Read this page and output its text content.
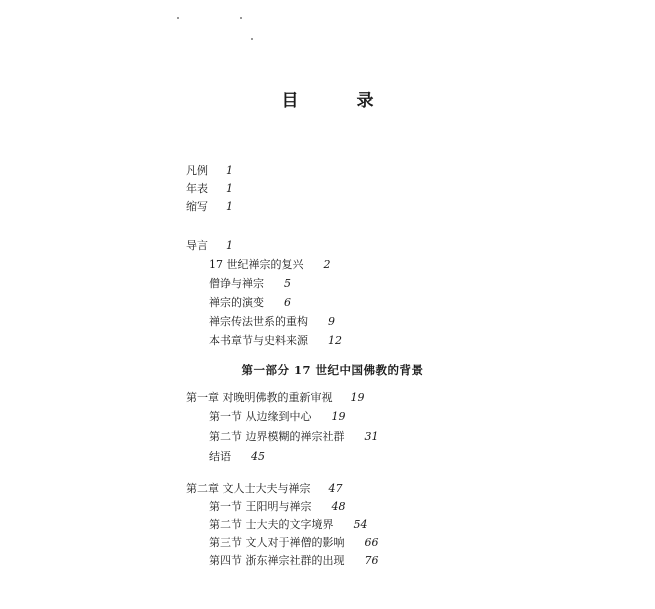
目 录
凡例 1
年表 1
缩写 1
导言 1
17 世纪禅宗的复兴 2
僧诤与禅宗 5
禅宗的演变 6
禅宗传法世系的重构 9
本书章节与史料来源 12
第一部分 17 世纪中国佛教的背景
第一章 对晚明佛教的重新审视 19
第一节 从边缘到中心 19
第二节 边界模糊的禅宗社群 31
结语 45
第二章 文人士大夫与禅宗 47
第一节 王阳明与禅宗 48
第二节 士大夫的文字境界 54
第三节 文人对于禅僧的影响 66
第四节 浙东禅宗社群的出现 76
